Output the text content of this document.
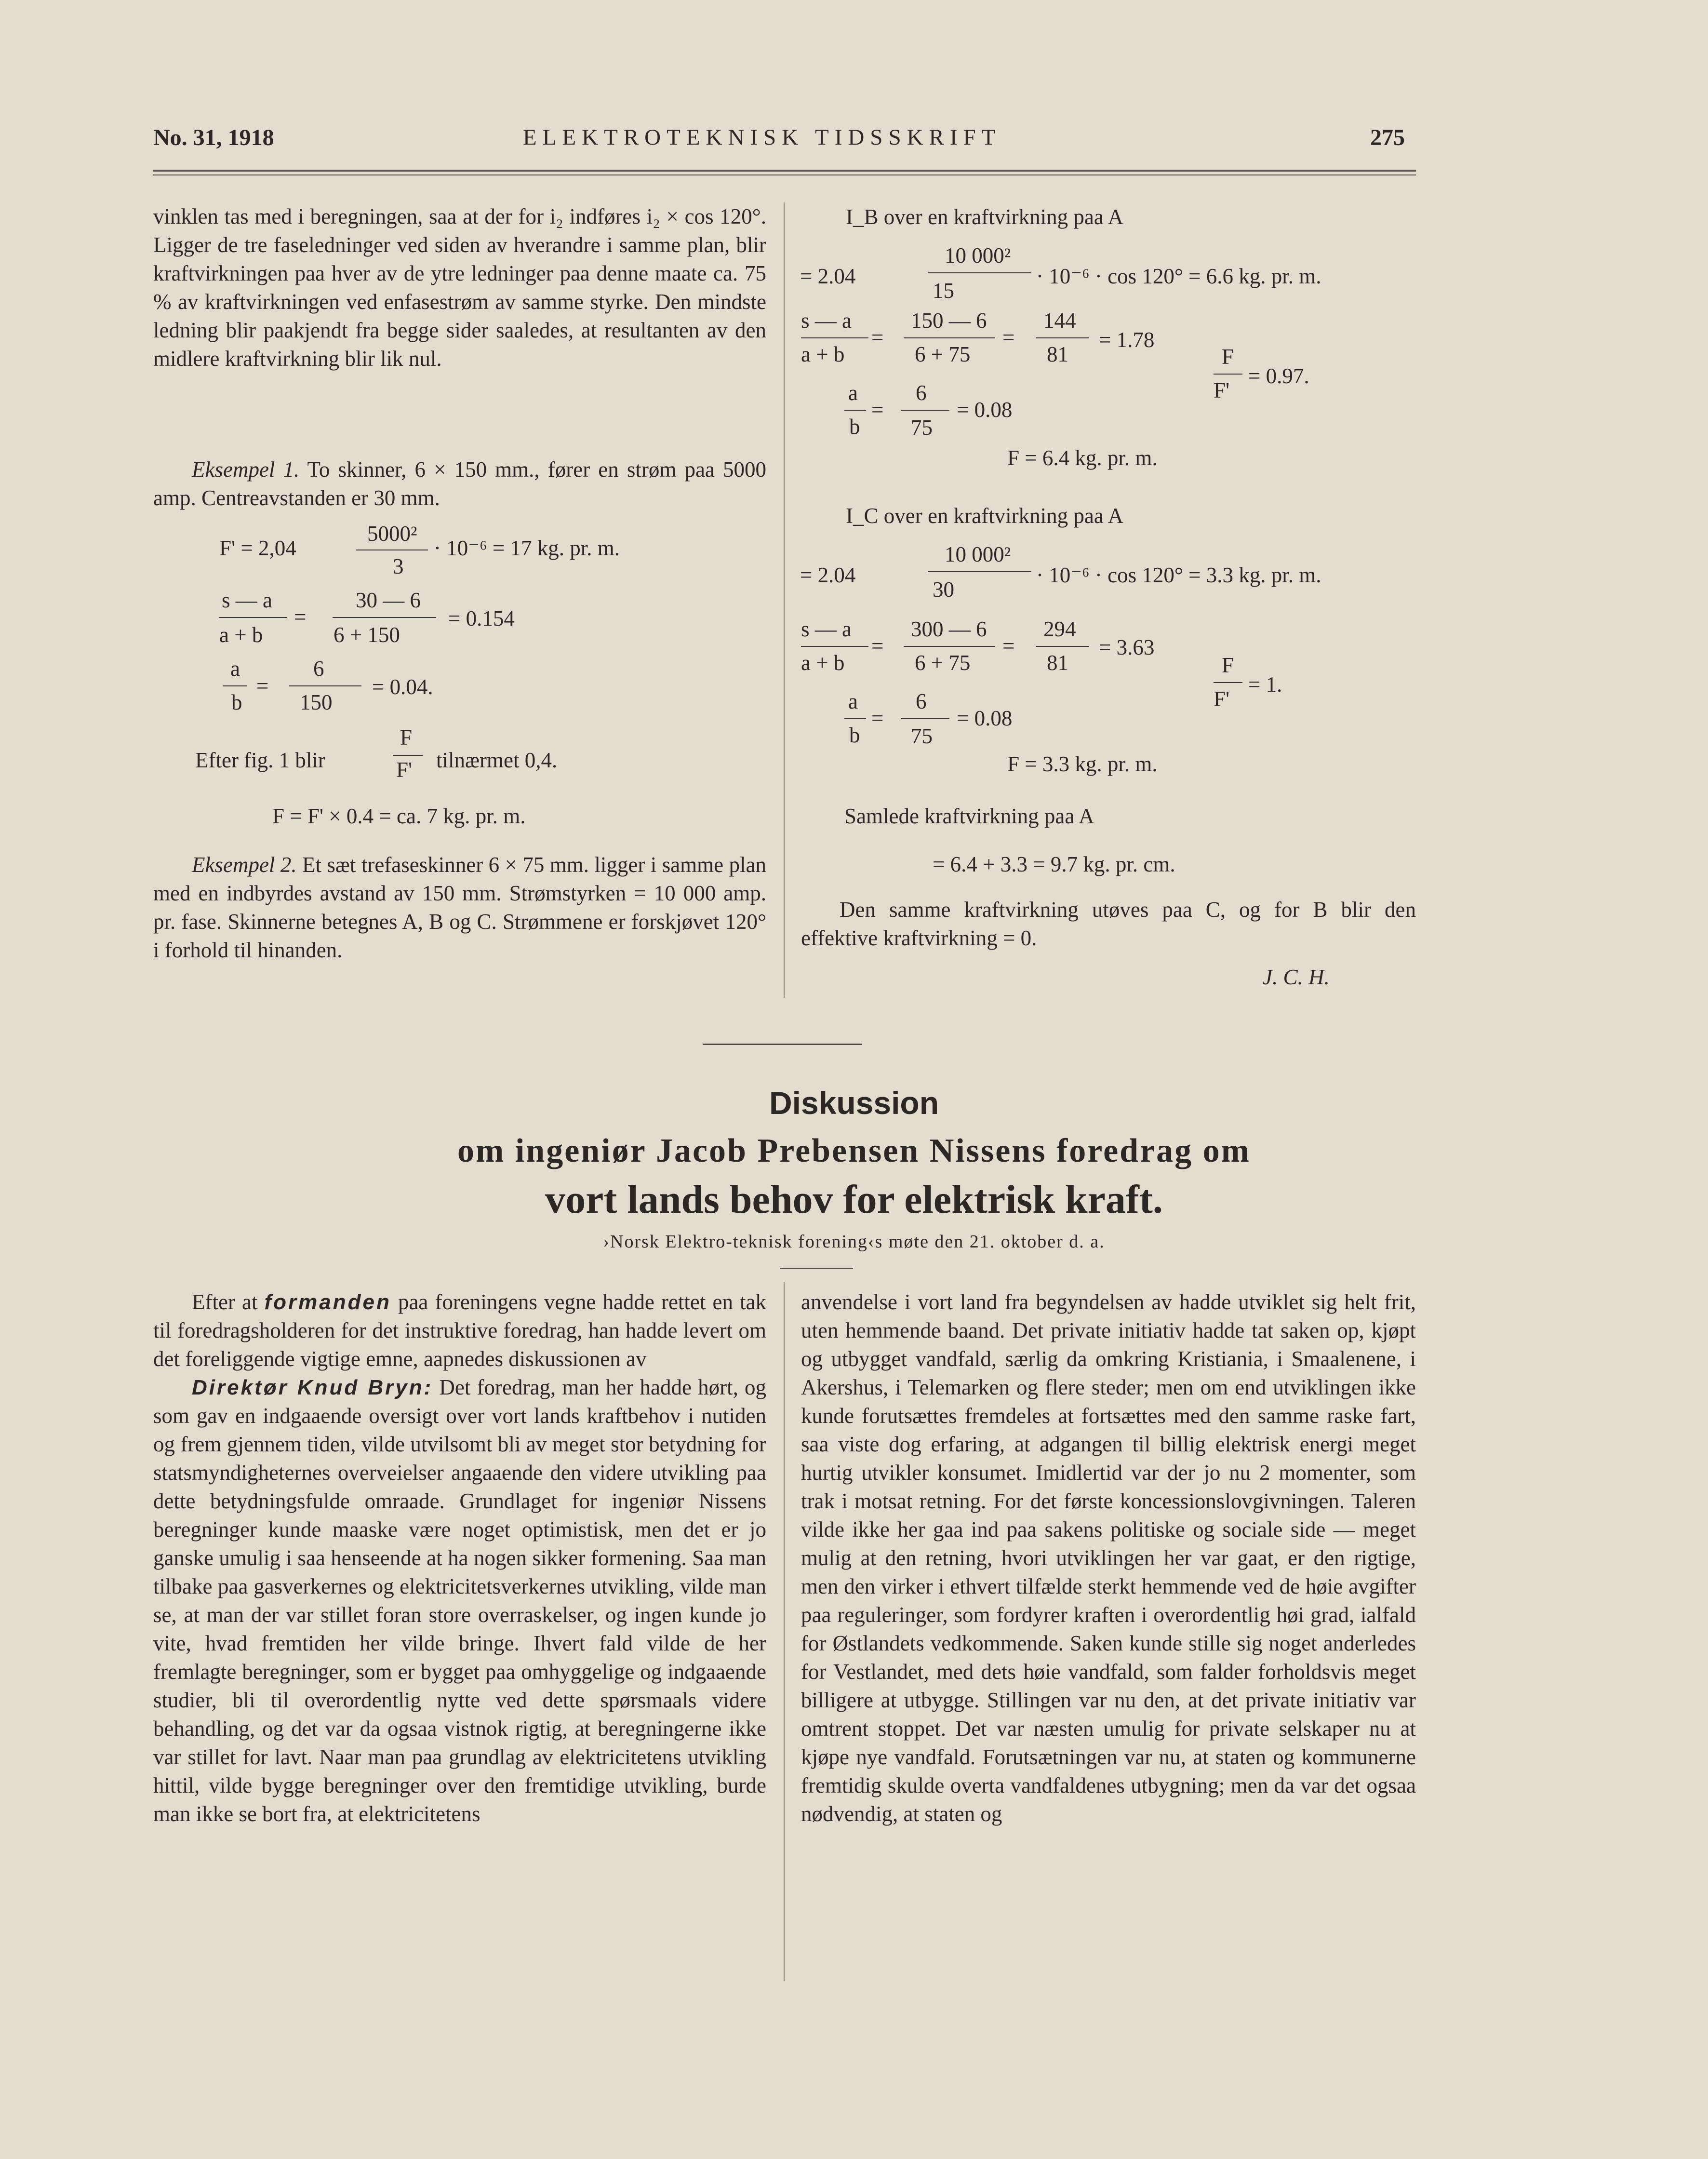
No. 31, 1918	ELEKTROTEKNISK TIDSSKRIFT	275

vinklen tas med i beregningen, saa at der for i₂ indføres i₂ × cos 120°. Ligger de tre faseledninger ved siden av hverandre i samme plan, blir kraftvirkningen paa hver av de ytre ledninger paa denne maate ca. 75 % av kraftvirkningen ved enfasestrøm av samme styrke. Den mindste ledning blir paakjendt fra begge sider saaledes, at resultanten av den midlere kraftvirkning blir lik nul.

Eksempel 1. To skinner, 6 × 150 mm., fører en strøm paa 5000 amp. Centreavstanden er 30 mm.

F' = 2,04
5000²
3
· 10⁻⁶ = 17 kg. pr. m.
s — a
a + b
=
30 — 6
6 + 150
= 0.154
a
b
=
6
150
= 0.04.
Efter fig. 1 blir
F
F' tilnærmet 0,4.
F = F' × 0.4 = ca. 7 kg. pr. m.

Eksempel 2. Et sæt trefaseskinner 6 × 75 mm. ligger i samme plan med en indbyrdes avstand av 150 mm. Strømstyrken = 10 000 amp. pr. fase. Skinnerne betegnes A, B og C. Strømmene er forskjøvet 120° i forhold til hinanden.

I_B over en kraftvirkning paa A
= 2.04
10 000²
15
· 10⁻⁶ · cos 120° = 6.6 kg. pr. m.
s — a
a + b
=
150 — 6
6 + 75
=
144
81
= 1.78
a
b
=
6
75
= 0.08
F
F'
= 0.97.
F = 6.4 kg. pr. m.
I_C over en kraftvirkning paa A
= 2.04
10 000²
30
· 10⁻⁶ · cos 120° = 3.3 kg. pr. m.
s — a
a + b
=
300 — 6
6 + 75
=
294
81
= 3.63
a
b
=
6
75
= 0.08
F
F'
= 1.
F = 3.3 kg. pr. m.
Samlede kraftvirkning paa A
= 6.4 + 3.3 = 9.7 kg. pr. cm.

Den samme kraftvirkning utøves paa C, og for B blir den effektive kraftvirkning = 0.

J. C. H.
Diskussion
om ingeniør Jacob Prebensen Nissens foredrag om
vort lands behov for elektrisk kraft.
›Norsk Elektro-teknisk forening‹s møte den 21. oktober d. a.

Efter at formanden paa foreningens vegne hadde rettet en tak til foredragsholderen for det instruktive foredrag, han hadde levert om det foreliggende vigtige emne, aapnedes diskussionen av

Direktør Knud Bryn: Det foredrag, man her hadde hørt, og som gav en indgaaende oversigt over vort lands kraftbehov i nutiden og frem gjennem tiden, vilde utvilsomt bli av meget stor betydning for statsmyndigheternes overveielser angaaende den videre utvikling paa dette betydningsfulde omraade. Grundlaget for ingeniør Nissens beregninger kunde maaske være noget optimistisk, men det er jo ganske umulig i saa henseende at ha nogen sikker formening. Saa man tilbake paa gasverkernes og elektricitetsverkernes utvikling, vilde man se, at man der var stillet foran store overraskelser, og ingen kunde jo vite, hvad fremtiden her vilde bringe. Ihvert fald vilde de her fremlagte beregninger, som er bygget paa omhyggelige og indgaaende studier, bli til overordentlig nytte ved dette spørsmaals videre behandling, og det var da ogsaa vistnok rigtig, at beregningerne ikke var stillet for lavt. Naar man paa grundlag av elektricitetens utvikling hittil, vilde bygge beregninger over den fremtidige utvikling, burde man ikke se bort fra, at elektricitetens

anvendelse i vort land fra begyndelsen av hadde utviklet sig helt frit, uten hemmende baand. Det private initiativ hadde tat saken op, kjøpt og utbygget vandfald, særlig da omkring Kristiania, i Smaalenene, i Akershus, i Telemarken og flere steder; men om end utviklingen ikke kunde forutsættes fremdeles at fortsættes med den samme raske fart, saa viste dog erfaring, at adgangen til billig elektrisk energi meget hurtig utvikler konsumet. Imidlertid var der jo nu 2 momenter, som trak i motsat retning. For det første koncessionslovgivningen. Taleren vilde ikke her gaa ind paa sakens politiske og sociale side — meget mulig at den retning, hvori utviklingen her var gaat, er den rigtige, men den virker i ethvert tilfælde sterkt hemmende ved de høie avgifter paa reguleringer, som fordyrer kraften i overordentlig høi grad, ialfald for Østlandets vedkommende. Saken kunde stille sig noget anderledes for Vestlandet, med dets høie vandfald, som falder forholdsvis meget billigere at utbygge. Stillingen var nu den, at det private initiativ var omtrent stoppet. Det var næsten umulig for private selskaper nu at kjøpe nye vandfald. Forutsætningen var nu, at staten og kommunerne fremtidig skulde overta vandfaldenes utbygning; men da var det ogsaa nødvendig, at staten og
